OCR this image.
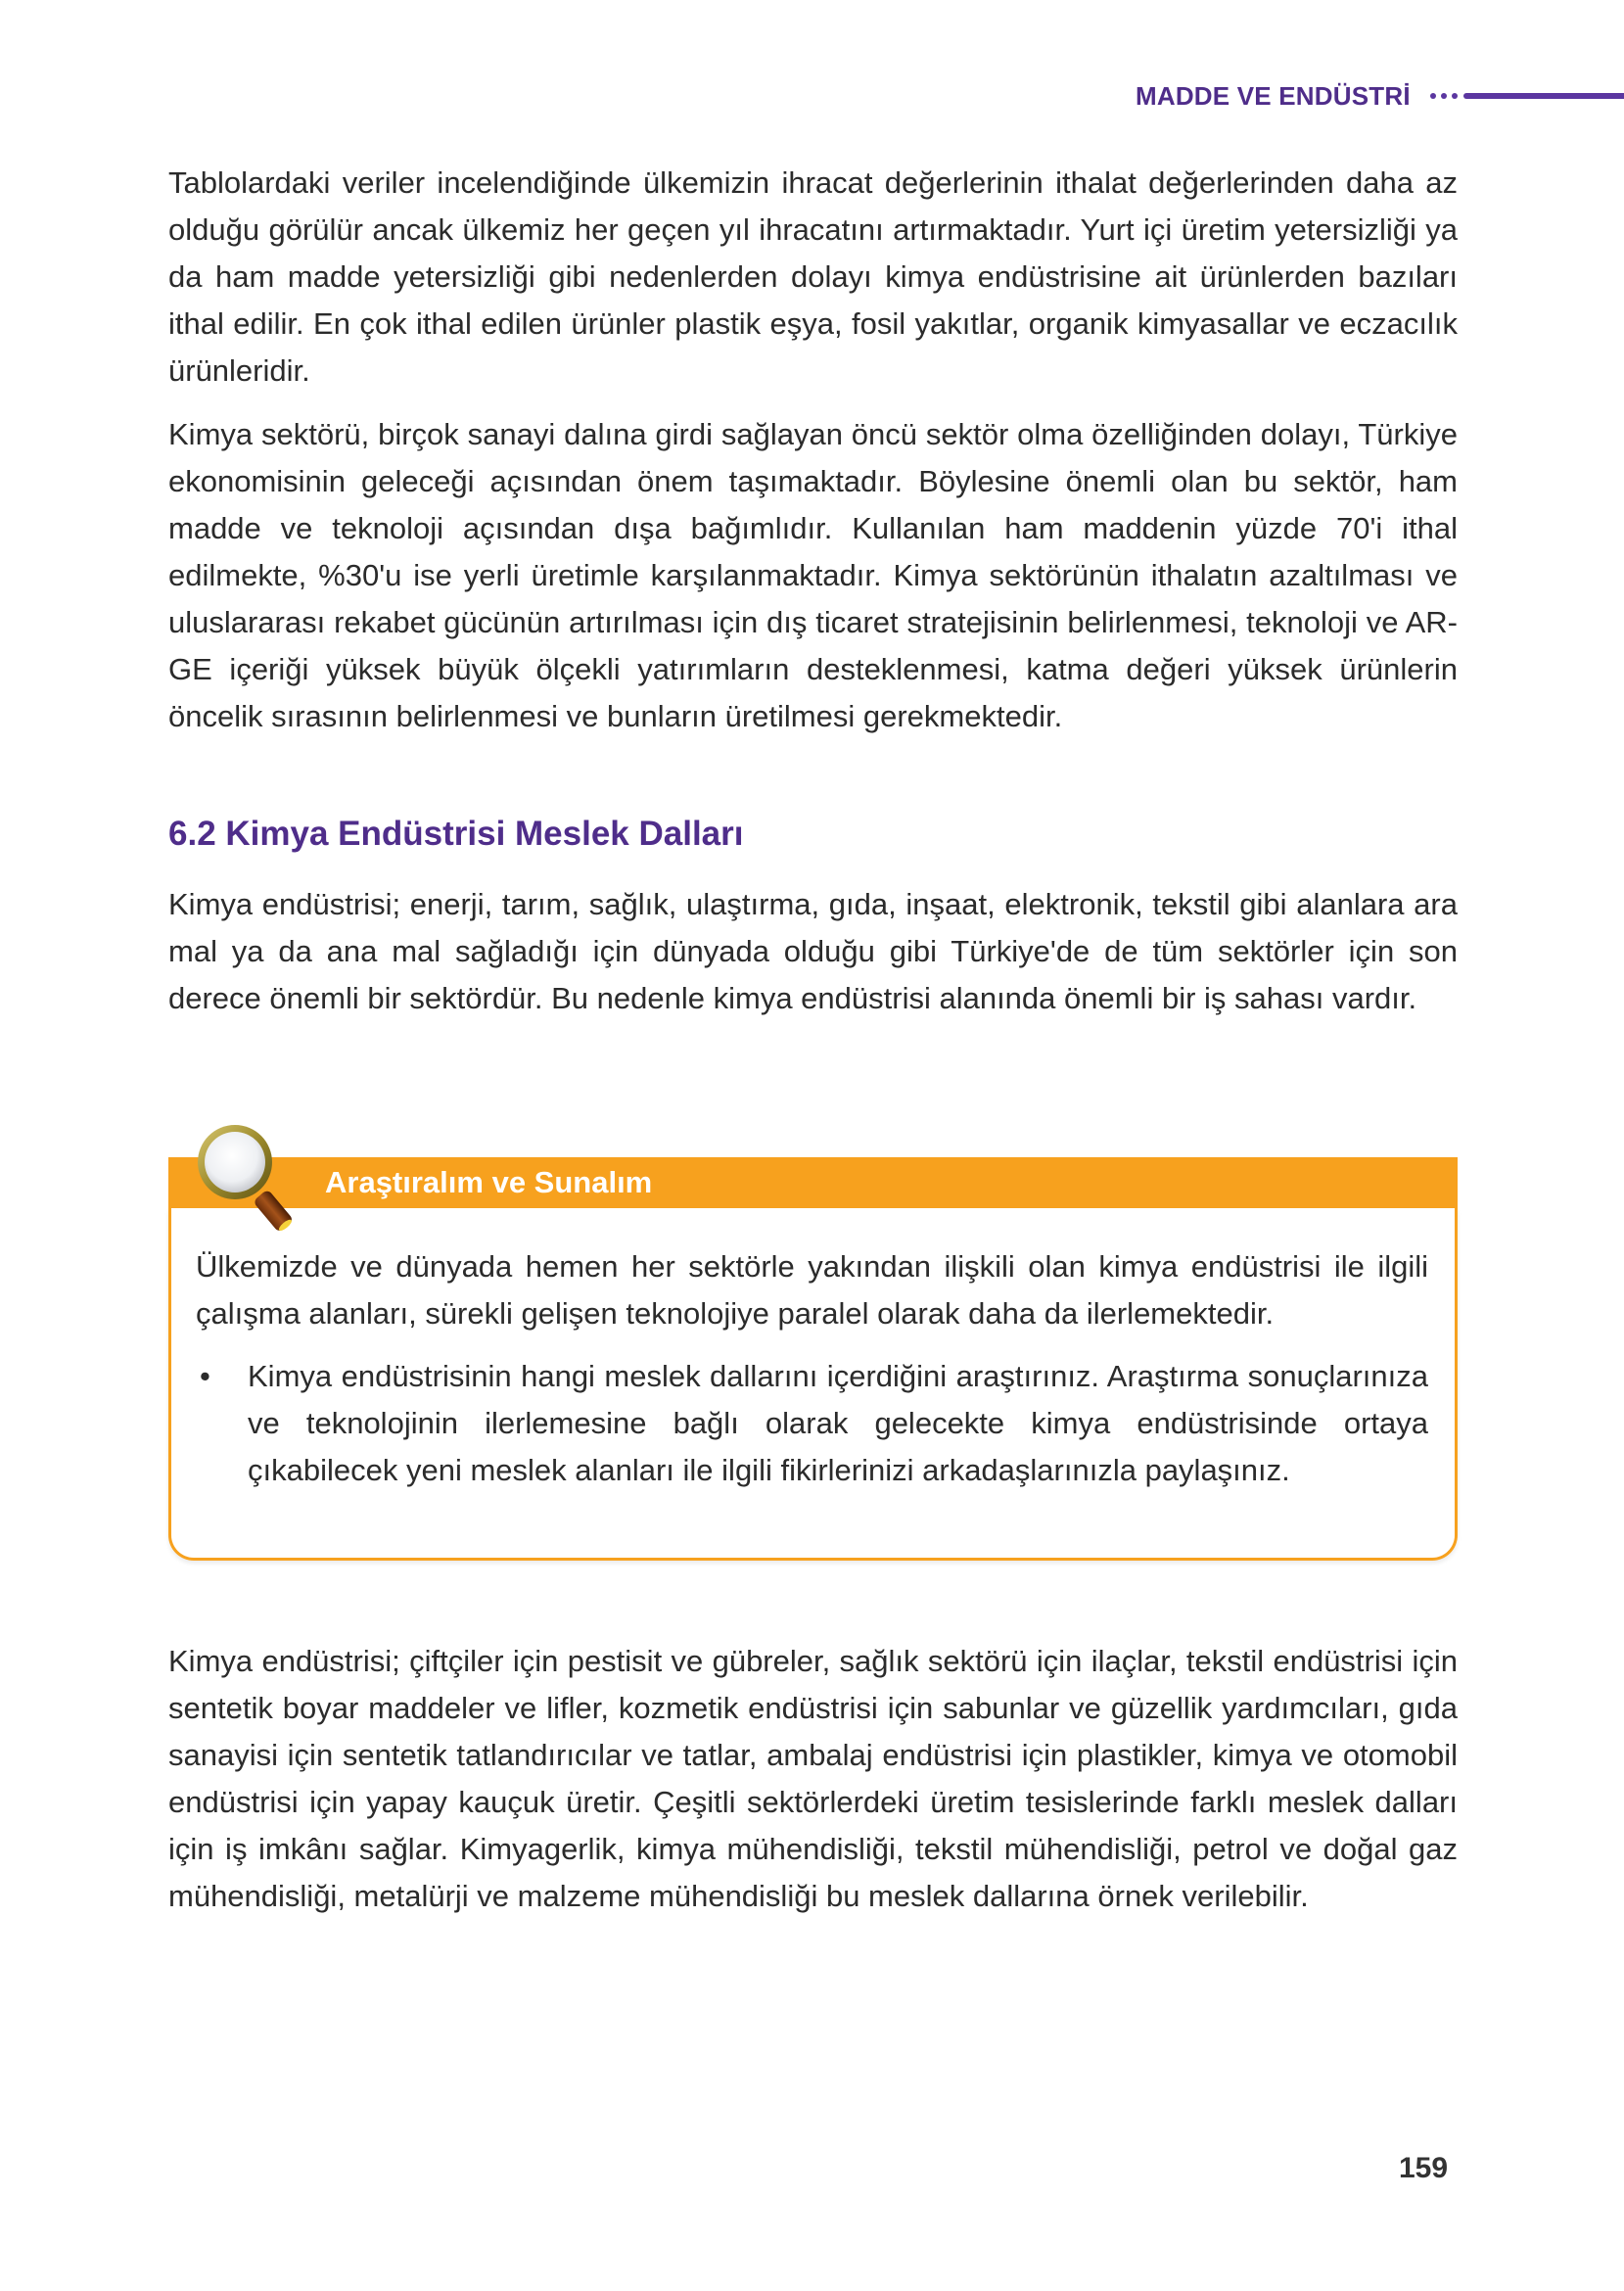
MADDE VE ENDÜSTRİ

Tablolardaki veriler incelendiğinde ülkemizin ihracat değerlerinin ithalat değerlerinden daha az olduğu görülür ancak ülkemiz her geçen yıl ihracatını artırmaktadır. Yurt içi üretim yetersizliği ya da ham madde yetersizliği gibi nedenlerden dolayı kimya endüstrisine ait ürünlerden bazıları ithal edilir. En çok ithal edilen ürünler plastik eşya, fosil yakıtlar, organik kimyasallar ve eczacılık ürünleridir.

Kimya sektörü, birçok sanayi dalına girdi sağlayan öncü sektör olma özelliğinden dolayı, Türkiye ekonomisinin geleceği açısından önem taşımaktadır. Böylesine önemli olan bu sektör, ham madde ve teknoloji açısından dışa bağımlıdır. Kullanılan ham maddenin yüzde 70'i ithal edilmekte, %30'u ise yerli üretimle karşılanmaktadır. Kimya sektörünün ithalatın azaltılması ve uluslararası rekabet gücünün artırılması için dış ticaret stratejisinin belirlenmesi, teknoloji ve AR-GE içeriği yüksek büyük ölçekli yatırımların desteklenmesi, katma değeri yüksek ürünlerin öncelik sırasının belirlenmesi ve bunların üretilmesi gerekmektedir.

6.2 Kimya Endüstrisi Meslek Dalları

Kimya endüstrisi; enerji, tarım, sağlık, ulaştırma, gıda, inşaat, elektronik, tekstil gibi alanlara ara mal ya da ana mal sağladığı için dünyada olduğu gibi Türkiye'de de tüm sektörler için son derece önemli bir sektördür. Bu nedenle kimya endüstrisi alanında önemli bir iş sahası vardır.

Araştıralım ve Sunalım

Ülkemizde ve dünyada hemen her sektörle yakından ilişkili olan kimya endüstrisi ile ilgili çalışma alanları, sürekli gelişen teknolojiye paralel olarak daha da ilerlemektedir.

• Kimya endüstrisinin hangi meslek dallarını içerdiğini araştırınız. Araştırma sonuçlarınıza ve teknolojinin ilerlemesine bağlı olarak gelecekte kimya endüstrisinde ortaya çıkabilecek yeni meslek alanları ile ilgili fikirlerinizi arkadaşlarınızla paylaşınız.

Kimya endüstrisi; çiftçiler için pestisit ve gübreler, sağlık sektörü için ilaçlar, tekstil endüstrisi için sentetik boyar maddeler ve lifler, kozmetik endüstrisi için sabunlar ve güzellik yardımcıları, gıda sanayisi için sentetik tatlandırıcılar ve tatlar, ambalaj endüstrisi için plastikler, kimya ve otomobil endüstrisi için yapay kauçuk üretir. Çeşitli sektörlerdeki üretim tesislerinde farklı meslek dalları için iş imkânı sağlar. Kimyagerlik, kimya mühendisliği, tekstil mühendisliği, petrol ve doğal gaz mühendisliği, metalürji ve malzeme mühendisliği bu meslek dallarına örnek verilebilir.

159
